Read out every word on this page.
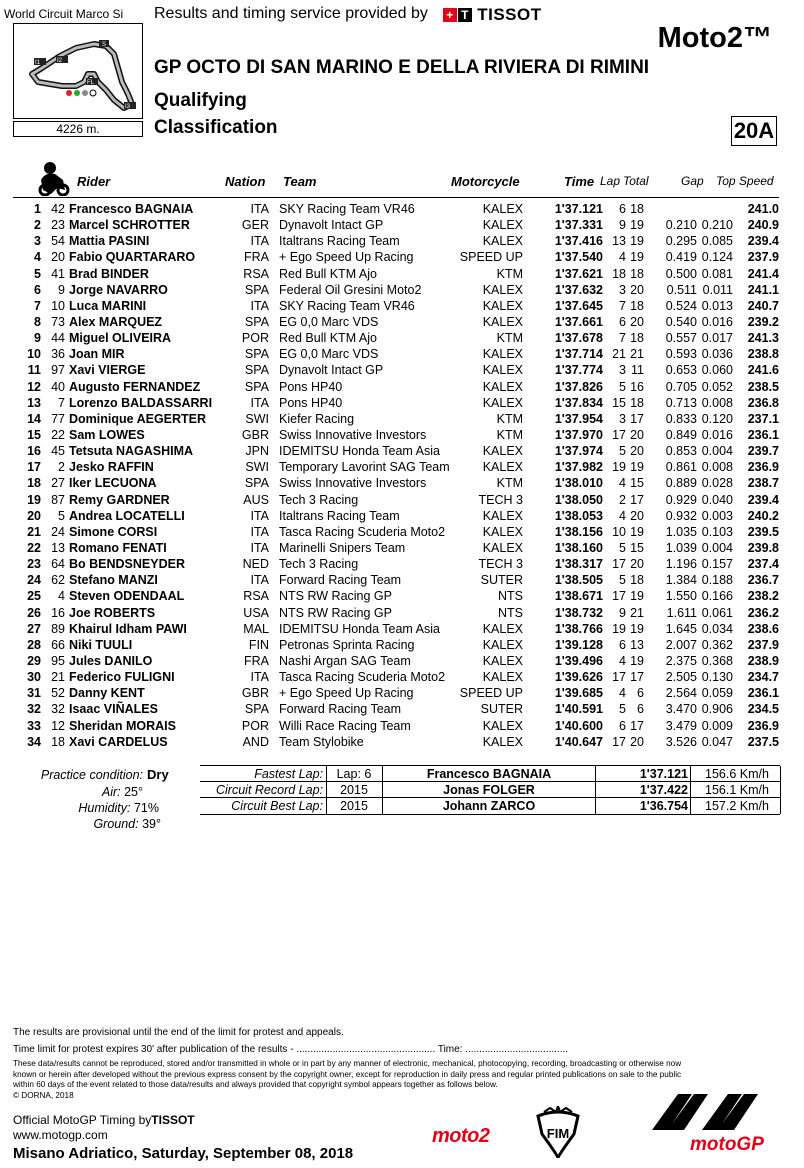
World Circuit Marco Si
I1	I2
S
FL
I3
4226 m.
Results and timing service provided by + T TISSOT
Moto2™
GP OCTO DI SAN MARINO E DELLA RIVIERA DI RIMINI
Qualifying
Classification	20A
Rider	Nation Team	Motorcycle	Time Lap Total	Gap Top Speed
1 42 Francesco BAGNAIA	ITA SKY Racing Team VR46	KALEX	1'37.121	6 18	241.0
2 23 Marcel SCHROTTER	GER Dynavolt Intact GP	KALEX	1'37.331	9 19	0.210 0.210	240.9
3 54 Mattia PASINI	ITA Italtrans Racing Team	KALEX	1'37.416 13 19	0.295 0.085	239.4
4 20 Fabio QUARTARARO	FRA + Ego Speed Up Racing	SPEED UP	1'37.540	4 19	0.419 0.124	237.9
5 41 Brad BINDER	RSA Red Bull KTM Ajo	KTM	1'37.621 18 18	0.500 0.081	241.4
6	9 Jorge NAVARRO	SPA Federal Oil Gresini Moto2	KALEX	1'37.632	3 20	0.511 0.011	241.1
7 10 Luca MARINI	ITA SKY Racing Team VR46	KALEX	1'37.645	7 18	0.524 0.013	240.7
8 73 Alex MARQUEZ	SPA EG 0,0 Marc VDS	KALEX	1'37.661	6 20	0.540 0.016	239.2
9 44 Miguel OLIVEIRA	POR Red Bull KTM Ajo	KTM	1'37.678	7 18	0.557 0.017	241.3
10 36 Joan MIR	SPA EG 0,0 Marc VDS	KALEX	1'37.714 21 21	0.593 0.036	238.8
11 97 Xavi VIERGE	SPA Dynavolt Intact GP	KALEX	1'37.774	3 11	0.653 0.060	241.6
12 40 Augusto FERNANDEZ	SPA Pons HP40	KALEX	1'37.826	5 16	0.705 0.052	238.5
13	7 Lorenzo BALDASSARRI	ITA Pons HP40	KALEX	1'37.834 15 18	0.713 0.008	236.8
14 77 Dominique AEGERTER	SWI Kiefer Racing	KTM	1'37.954	3 17	0.833 0.120	237.1
15 22 Sam LOWES	GBR Swiss Innovative Investors	KTM	1'37.970 17 20	0.849 0.016	236.1
16 45 Tetsuta NAGASHIMA	JPN IDEMITSU Honda Team Asia	KALEX	1'37.974	5 20	0.853 0.004	239.7
17	2 Jesko RAFFIN	SWI Temporary Lavorint SAG Team	KALEX	1'37.982 19 19	0.861 0.008	236.9
18 27 Iker LECUONA	SPA Swiss Innovative Investors	KTM	1'38.010	4 15	0.889 0.028	238.7
19 87 Remy GARDNER	AUS Tech 3 Racing	TECH 3	1'38.050	2 17	0.929 0.040	239.4
20	5 Andrea LOCATELLI	ITA Italtrans Racing Team	KALEX	1'38.053	4 20	0.932 0.003	240.2
21 24 Simone CORSI	ITA Tasca Racing Scuderia Moto2	KALEX	1'38.156 10 19	1.035 0.103	239.5
22 13 Romano FENATI	ITA Marinelli Snipers Team	KALEX	1'38.160	5 15	1.039 0.004	239.8
23 64 Bo BENDSNEYDER	NED Tech 3 Racing	TECH 3	1'38.317 17 20	1.196 0.157	237.4
24 62 Stefano MANZI	ITA Forward Racing Team	SUTER	1'38.505	5 18	1.384 0.188	236.7
25	4 Steven ODENDAAL	RSA NTS RW Racing GP	NTS	1'38.671 17 19	1.550 0.166	238.2
26 16 Joe ROBERTS	USA NTS RW Racing GP	NTS	1'38.732	9 21	1.611 0.061	236.2
27 89 Khairul Idham PAWI	MAL IDEMITSU Honda Team Asia	KALEX	1'38.766 19 19	1.645 0.034	238.6
28 66 Niki TUULI	FIN Petronas Sprinta Racing	KALEX	1'39.128	6 13	2.007 0.362	237.9
29 95 Jules DANILO	FRA Nashi Argan SAG Team	KALEX	1'39.496	4 19	2.375 0.368	238.9
30 21 Federico FULIGNI	ITA Tasca Racing Scuderia Moto2	KALEX	1'39.626 17 17	2.505 0.130	234.7
31 52 Danny KENT	GBR + Ego Speed Up Racing	SPEED UP	1'39.685	4 6	2.564 0.059	236.1
32 32 Isaac VIÑALES	SPA Forward Racing Team	SUTER	1'40.591	5 6	3.470 0.906	234.5
33 12 Sheridan MORAIS	POR Willi Race Racing Team	KALEX	1'40.600	6 17	3.479 0.009	236.9
34 18 Xavi CARDELUS	AND Team Stylobike	KALEX	1'40.647 17 20	3.526 0.047	237.5
Practice condition: Dry
Air: 25°
Humidity: 71%
Ground: 39°
Fastest Lap:	Lap: 6	Francesco BAGNAIA	1'37.121	156.6 Km/h
Circuit Record Lap:	2015	Jonas FOLGER	1'37.422	156.1 Km/h
Circuit Best Lap:	2015	Johann ZARCO	1'36.754	157.2 Km/h
The results are provisional until the end of the limit for protest and appeals.
Time limit for protest expires 30' after publication of the results - .................................................. Time: .....................................
These data/results cannot be reproduced, stored and/or transmitted in whole or in part by any manner of electronic, mechanical, photocopying, recording, broadcasting or otherwise now
known or herein after developed without the previous express consent by the copyright owner, except for reproduction in daily press and regular printed publications on sale to the public
within 60 days of the event related to those data/results and always provided that copyright symbol appears together as follows below.
© DORNA, 2018
Official MotoGP Timing byTISSOT
www.motogp.com
Misano Adriatico, Saturday, September 08, 2018
moto2	FIM
motoGP
